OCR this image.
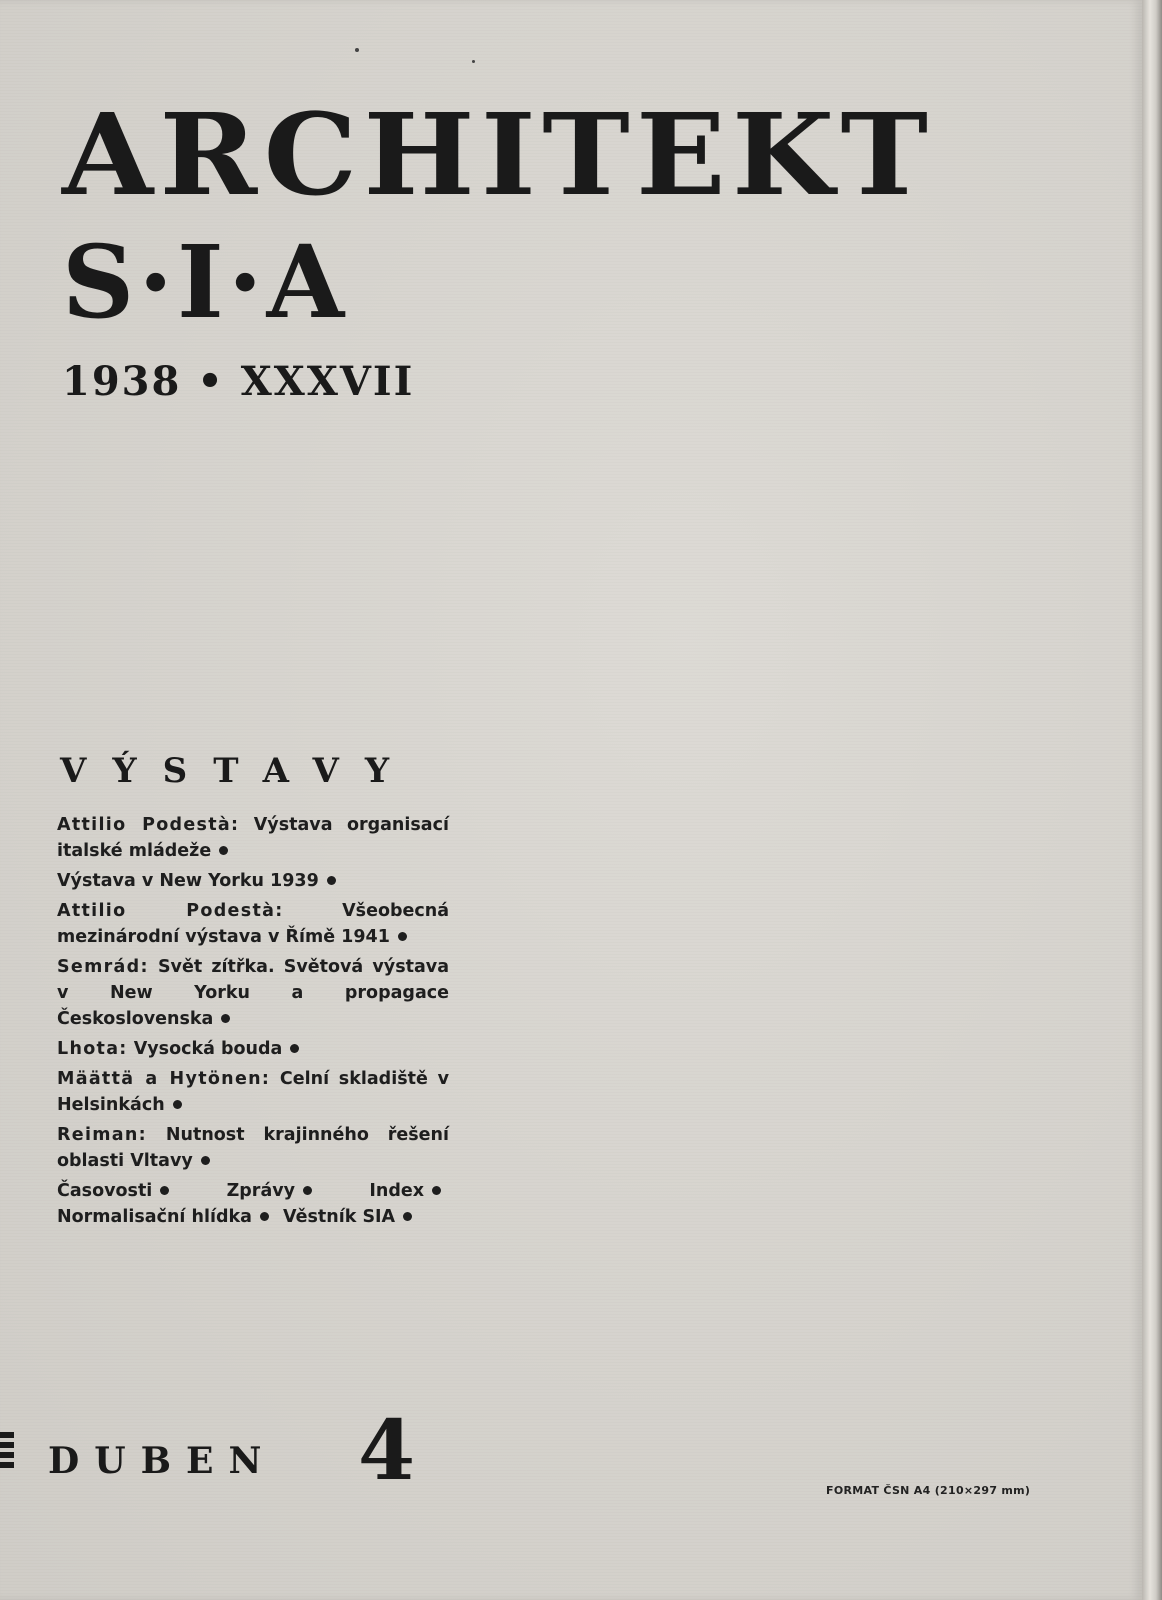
ARCHITEKT
S·I·A
1938 • XXXVII
VÝSTAVY

Attilio Podestà: Výstava organisací italské mládeže

Výstava v New Yorku 1939

Attilio Podestà:	Všeobecná mezinárodní výstava v Římě 1941

Semrád: Svět zítřka. Světová výstava v New Yorku a propagace Československa

Lhota: Vysocká bouda

Määttä a Hytönen: Celní skladiště v Helsinkách

Reiman: Nutnost krajinného řešení oblasti Vltavy

Časovosti	Zprávy	Index Normalisační hlídka Věstník SIA

DUBEN 4	FORMAT ČSN A4 (210×297 mm)
